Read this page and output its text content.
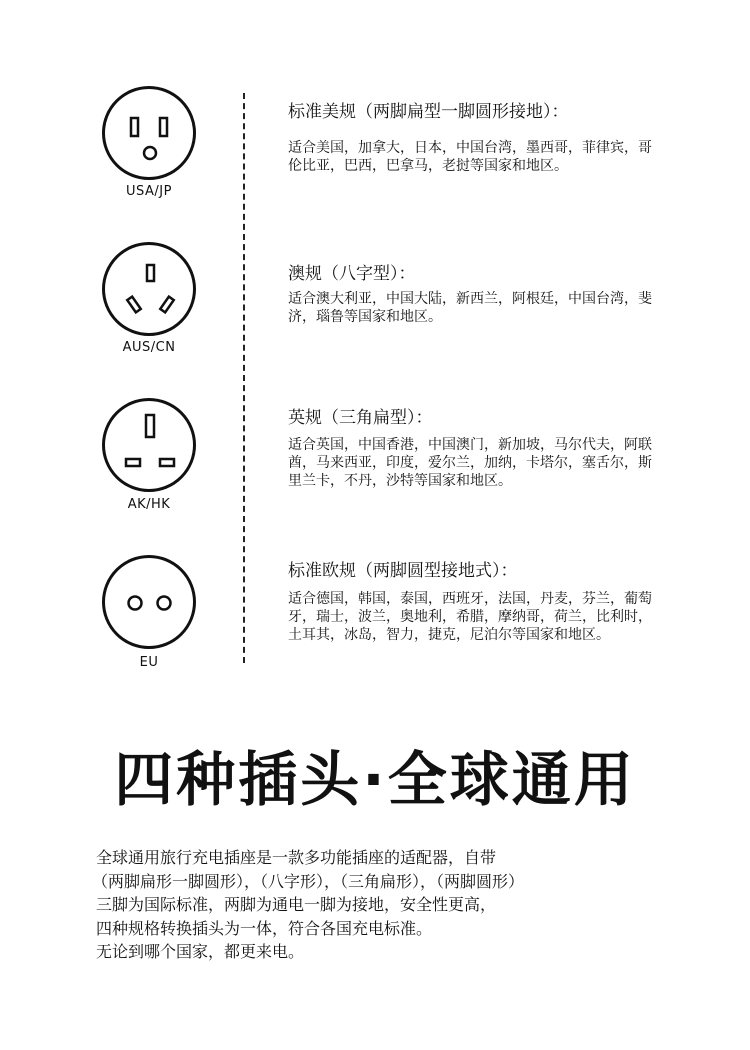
USA/JP
标准美规（两脚扁型一脚圆形接地）：
适合美国，加拿大，日本，中国台湾，墨西哥，菲律宾，哥伦比亚，巴西，巴拿马，老挝等国家和地区。
AUS/CN
澳规（八字型）：
适合澳大利亚，中国大陆，新西兰，阿根廷，中国台湾，斐济，瑙鲁等国家和地区。
AK/HK
英规（三角扁型）：
适合英国，中国香港，中国澳门，新加坡，马尔代夫，阿联酋，马来西亚，印度，爱尔兰，加纳，卡塔尔，塞舌尔，斯里兰卡，不丹，沙特等国家和地区。
EU
标准欧规（两脚圆型接地式）：
适合德国，韩国，泰国，西班牙，法国，丹麦，芬兰，葡萄牙，瑞士，波兰，奥地利，希腊，摩纳哥，荷兰，比利时，土耳其，冰岛，智力，捷克，尼泊尔等国家和地区。
四种插头·全球通用
全球通用旅行充电插座是一款多功能插座的适配器，自带
（两脚扁形一脚圆形），（八字形），（三角扁形），（两脚圆形）
三脚为国际标准，两脚为通电一脚为接地，安全性更高，
四种规格转换插头为一体，符合各国充电标准。
无论到哪个国家，都更来电。
